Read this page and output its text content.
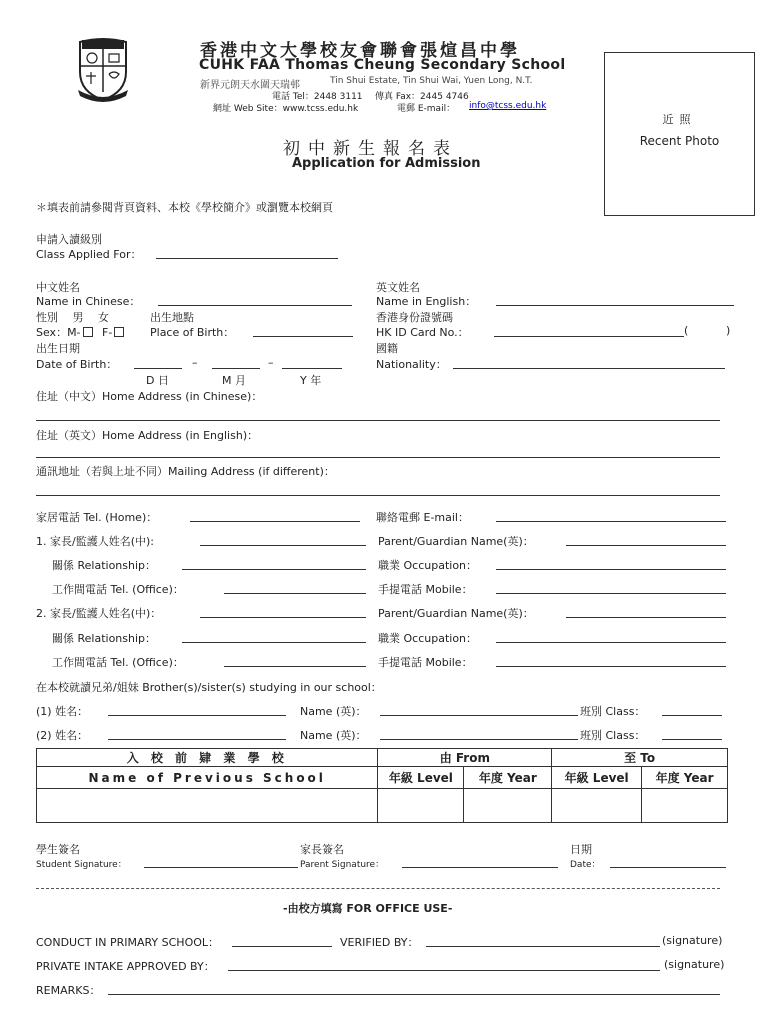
香港中文大學校友會聯會張煊昌中學
CUHK FAA Thomas Cheung Secondary School
新界元朗天水圍天瑞邨	Tin Shui Estate, Tin Shui Wai, Yuen Long, N.T.
電話 Tel：2448 3111 傳真 Fax：2445 4746
網址 Web Site：www.tcss.edu.hk	電郵 E-mail： info@tcss.edu.hk
近照
Recent Photo
初中新生報名表
Application for Admission
＊填表前請參閱背頁資料、本校《學校簡介》或瀏覽本校網頁
申請入讀級別
Class Applied For：
中文姓名
Name in Chinese：
英文姓名
Name in English：
性別　 男　 女	出生地點
Sex：M- F-	Place of Birth：
香港身份證號碼
HK ID Card No.：	(	)
出生日期
Date of Birth：	–	–
D 日	M 月	Y 年
國籍
Nationality：
住址（中文）Home Address (in Chinese)：
住址（英文）Home Address (in English)：
通訊地址（若與上址不同）Mailing Address (if different)：
家居電話 Tel. (Home)：	聯絡電郵 E-mail：
1. 家長/監護人姓名(中):	Parent/Guardian Name(英)：
關係 Relationship：	職業 Occupation：
工作間電話 Tel. (Office)：	手提電話 Mobile：
2. 家長/監護人姓名(中)：	Parent/Guardian Name(英)：
關係 Relationship：	職業 Occupation：
工作間電話 Tel. (Office)：	手提電話 Mobile：
在本校就讀兄弟/姐妹 Brother(s)/sister(s) studying in our school：
(1) 姓名：	Name (英)：	班別 Class：
(2) 姓名：	Name (英)：	班別 Class：
入 校 前 肄 業 學 校	由 From		至 To	
Name of Previous School	年級 Level	年度 Year	年級 Level	年度 Year

學生簽名
Student Signature：
家長簽名
Parent Signature：
日期
Date：
-由校方填寫 FOR OFFICE USE-
CONDUCT IN PRIMARY SCHOOL：	VERIFIED BY：	(signature)
PRIVATE INTAKE APPROVED BY：	(signature)
REMARKS：
